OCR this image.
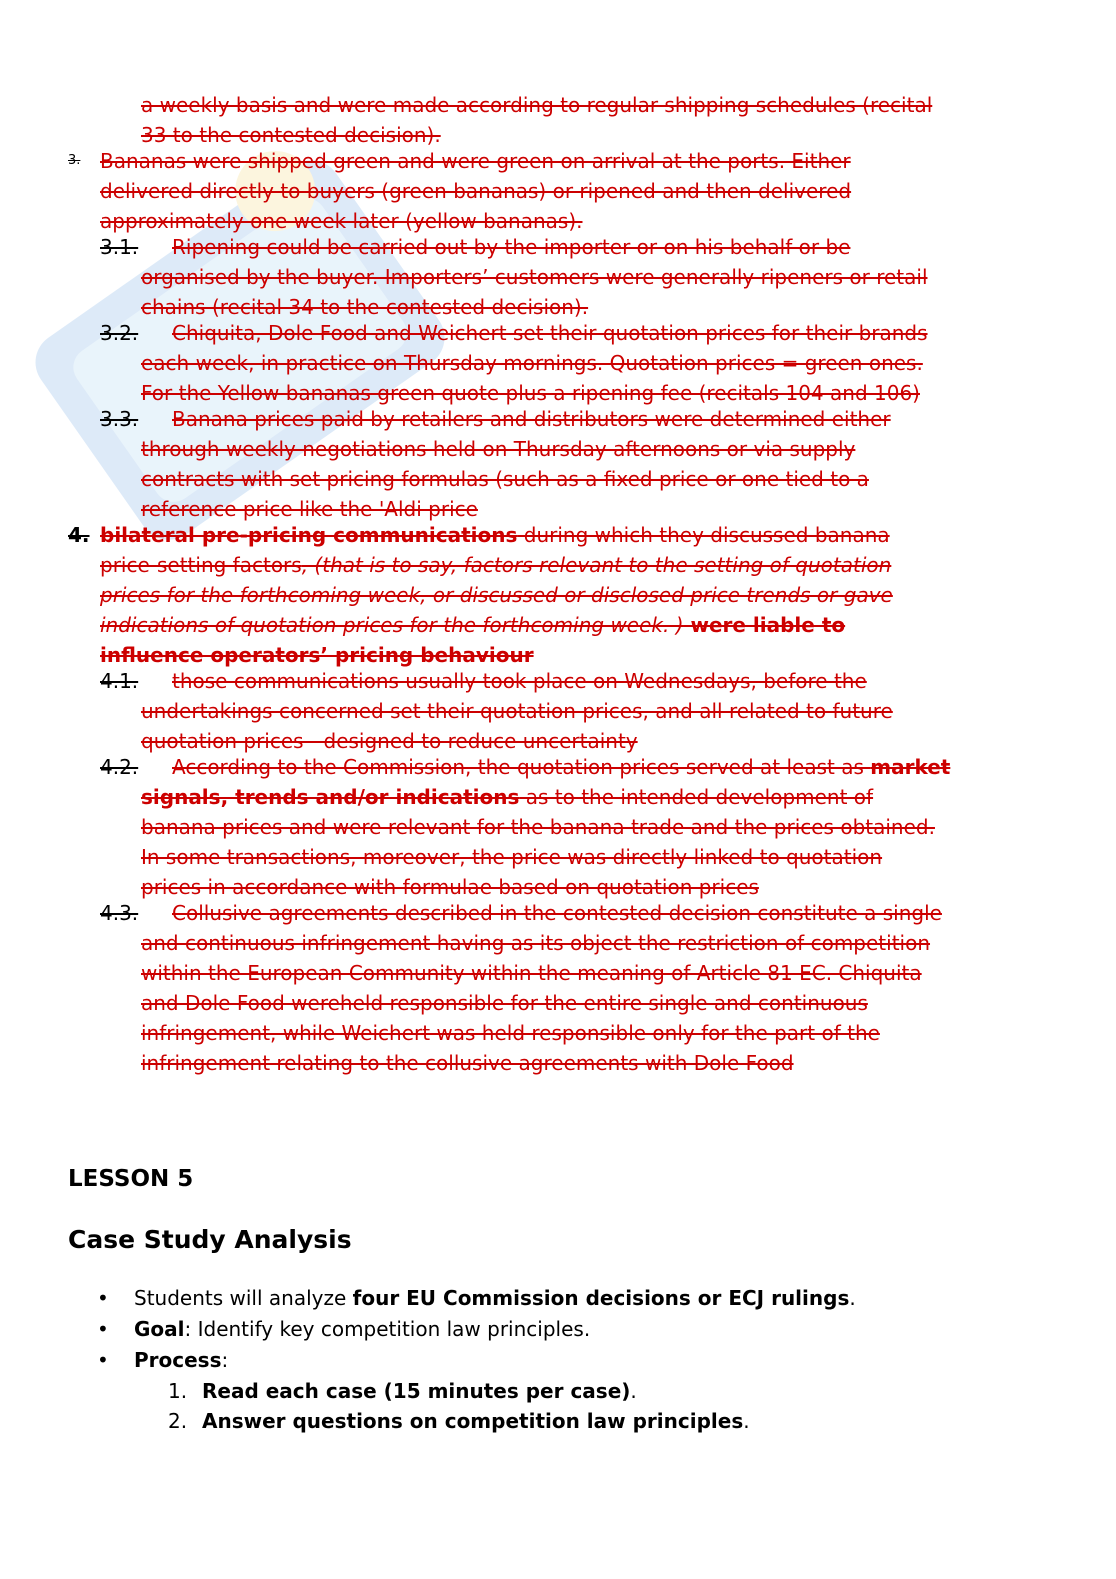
a weekly basis and were made according to regular shipping schedules (recital
33 to the contested decision).
3. Bananas were shipped green and were green on arrival at the ports. Either
delivered directly to buyers (green bananas) or ripened and then delivered
approximately one week later (yellow bananas).
3.1. Ripening could be carried out by the importer or on his behalf or be
organised by the buyer. Importers’ customers were generally ripeners or retail
chains (recital 34 to the contested decision).
3.2. Chiquita, Dole Food and Weichert set their quotation prices for their brands
each week, in practice on Thursday mornings. Quotation prices = green ones.
For the Yellow bananas green quote plus a ripening fee (recitals 104 and 106)
3.3. Banana prices paid by retailers and distributors were determined either
through weekly negotiations held on Thursday afternoons or via supply
contracts with set pricing formulas (such as a fixed price or one tied to a
reference price like the 'Aldi price
4. bilateral pre-pricing communications during which they discussed banana
price-setting factors, (that is to say, factors relevant to the setting of quotation
prices for the forthcoming week, or discussed or disclosed price trends or gave
indications of quotation prices for the forthcoming week. ) were liable to
influence operators’ pricing behaviour
4.1. those communications usually took place on Wednesdays, before the
undertakings concerned set their quotation prices, and all related to future
quotation prices - designed to reduce uncertainty
4.2. According to the Commission, the quotation prices served at least as market
signals, trends and/or indications as to the intended development of
banana prices and were relevant for the banana trade and the prices obtained.
In some transactions, moreover, the price was directly linked to quotation
prices in accordance with formulae based on quotation prices
4.3. Collusive agreements described in the contested decision constitute a single
and continuous infringement having as its object the restriction of competition
within the European Community within the meaning of Article 81 EC. Chiquita
and Dole Food wereheld responsible for the entire single and continuous
infringement, while Weichert was held responsible only for the part of the
infringement relating to the collusive agreements with Dole Food
LESSON 5
Case Study Analysis
• Students will analyze four EU Commission decisions or ECJ rulings.
• Goal: Identify key competition law principles.
• Process:
1. Read each case (15 minutes per case).
2. Answer questions on competition law principles.
